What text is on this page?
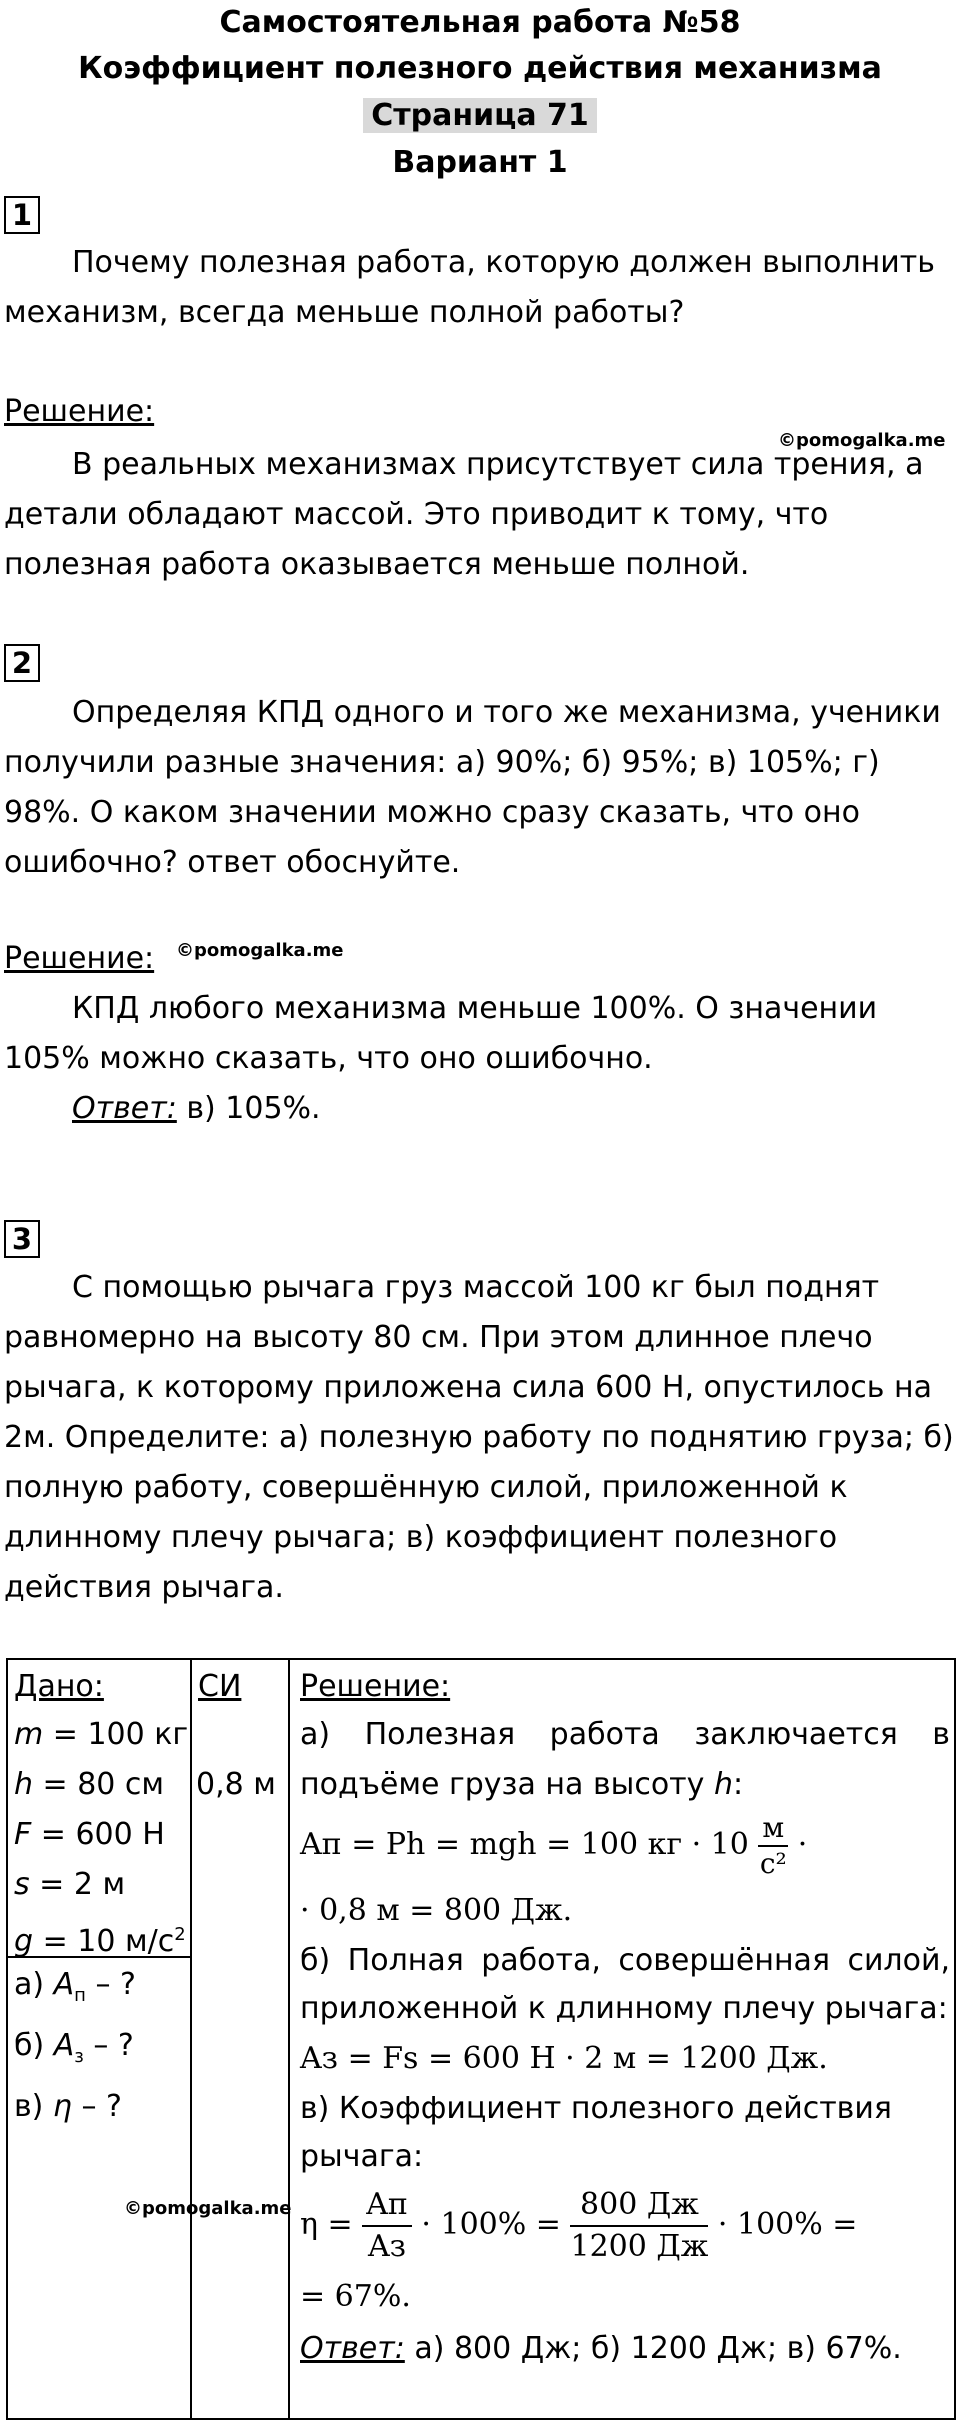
Самостоятельная работа №58
Коэффициент полезного действия механизма
Страница 71
Вариант 1
1
Почему полезная работа, которую должен выполнить механизм, всегда меньше полной работы?
Решение:
©pomogalka.me
В реальных механизмах присутствует сила трения, а детали обладают массой. Это приводит к тому, что полезная работа оказывается меньше полной.
2
Определяя КПД одного и того же механизма, ученики получили разные значения: а) 90%; б) 95%; в) 105%; г) 98%. О каком значении можно сразу сказать, что оно ошибочно? ответ обоснуйте.
Решение: ©pomogalka.me
КПД любого механизма меньше 100%. О значении 105% можно сказать, что оно ошибочно.
Ответ: в) 105%.
3
С помощью рычага груз массой 100 кг был поднят равномерно на высоту 80 см. При этом длинное плечо рычага, к которому приложена сила 600 Н, опустилось на 2м. Определите: а) полезную работу по поднятию груза; б) полную работу, совершённую силой, приложенной к длинному плечу рычага; в) коэффициент полезного действия рычага.
Дано:	СИ Решение:
m = 100 кг
h = 80 см
F = 600 Н
s = 2 м
g = 10 $м/с^2$
0,8 м
а) $A_п$ – ?
б) $A_з$ – ?
в) η – ?
©pomogalka.me
а) Полезная работа заключается в
подъёме груза на высоту h:
Aп = Ph = mgh = 100 кг · $10 \frac{м}{\text{с²}}$ ·
· 0,8 м = 800 Дж.
б) Полная работа, совершённая силой,
приложенной к длинному плечу рычага:
Aз = Fs = 600 Н · 2 м = 1200 Дж.
в) Коэффициент полезного действия
рычага:
$\eta = \frac{Aп}{Aз} \cdot 100\% = \frac{800 Дж}{1200 Дж} \cdot 100\%$ =
= 67%.
Ответ: а) 800 Дж; б) 1200 Дж; в) 67%.
